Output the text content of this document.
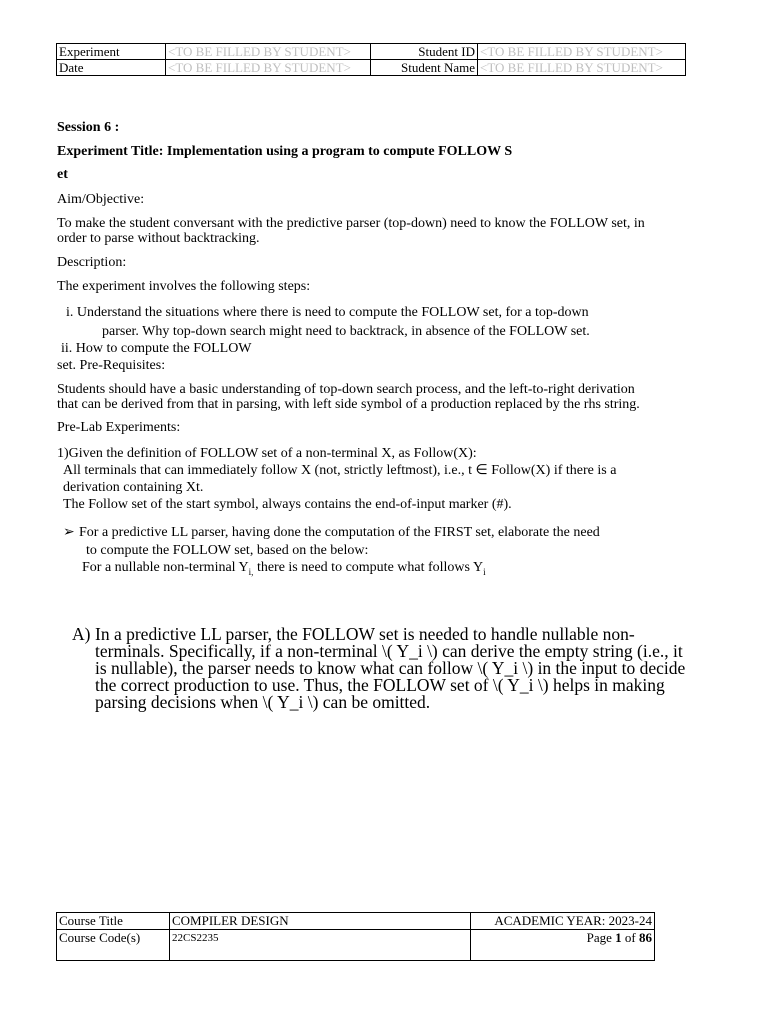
Experiment	<TO BE FILLED BY STUDENT>	Student ID	<TO BE FILLED BY STUDENT>
Date	<TO BE FILLED BY STUDENT>	Student Name	<TO BE FILLED BY STUDENT>
Session 6 :
Experiment Title: Implementation using a program to compute FOLLOW S
et
Aim/Objective:
To make the student conversant with the predictive parser (top-down) need to know the FOLLOW set, in
order to parse without backtracking.
Description:
The experiment involves the following steps:
i. Understand the situations where there is need to compute the FOLLOW set, for a top-down
parser. Why top-down search might need to backtrack, in absence of the FOLLOW set.
ii. How to compute the FOLLOW
set. Pre-Requisites:
Students should have a basic understanding of top-down search process, and the left-to-right derivation
that can be derived from that in parsing, with left side symbol of a production replaced by the rhs string.
Pre-Lab Experiments:
1)Given the definition of FOLLOW set of a non-terminal X, as Follow(X):
All terminals that can immediately follow X (not, strictly leftmost), i.e., t ∈ Follow(X) if there is a
derivation containing Xt.
The Follow set of the start symbol, always contains the end-of-input marker (#).
➢ For a predictive LL parser, having done the computation of the FIRST set, elaborate the need
to compute the FOLLOW set, based on the below:
For a nullable non-terminal $Y_{i,}$ there is need to compute what follows $Y_i$
A) In a predictive LL parser, the FOLLOW set is needed to handle nullable non-
terminals. Specifically, if a non-terminal \( Y_i \) can derive the empty string (i.e., it
is nullable), the parser needs to know what can follow \( Y_i \) in the input to decide
the correct production to use. Thus, the FOLLOW set of \( Y_i \) helps in making
parsing decisions when \( Y_i \) can be omitted.
Course Title	COMPILER DESIGN	ACADEMIC YEAR: 2023-24
Course Code(s)	22CS2235	Page 1 of 86
